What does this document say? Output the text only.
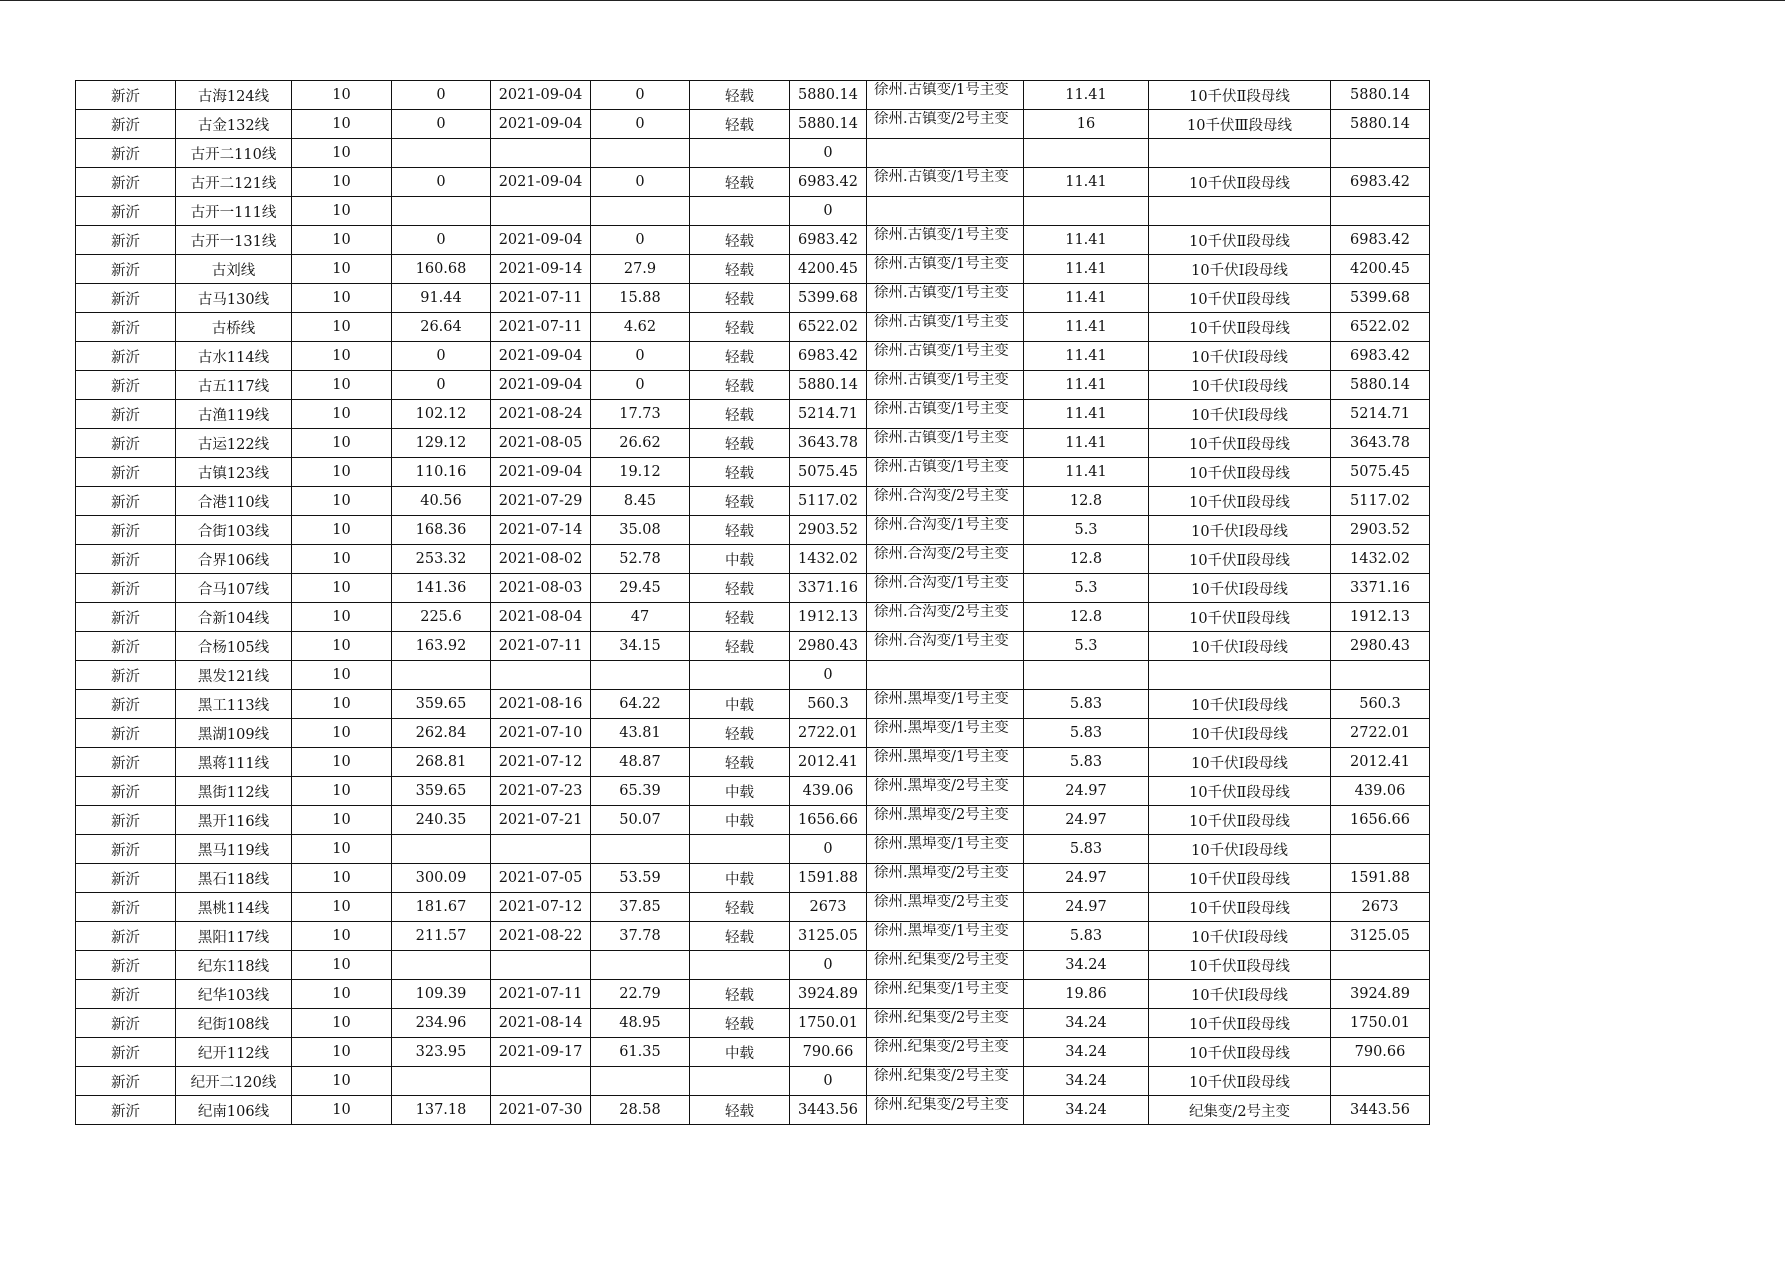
新沂	古海124线	10	0	2021-09-04	0	轻载	5880.14	徐州.古镇变/1号主变	11.41	10千伏Ⅱ段母线	5880.14
新沂	古金132线	10	0	2021-09-04	0	轻载	5880.14	徐州.古镇变/2号主变	16	10千伏Ⅲ段母线	5880.14
新沂	古开二110线	10					0	

新沂	古开二121线	10	0	2021-09-04	0	轻载	6983.42	徐州.古镇变/1号主变	11.41	10千伏Ⅱ段母线	6983.42
新沂	古开一111线	10					0	

新沂	古开一131线	10	0	2021-09-04	0	轻载	6983.42	徐州.古镇变/1号主变	11.41	10千伏Ⅱ段母线	6983.42
新沂	古刘线	10	160.68	2021-09-14	27.9	轻载	4200.45	徐州.古镇变/1号主变	11.41	10千伏Ⅰ段母线	4200.45
新沂	古马130线	10	91.44	2021-07-11	15.88	轻载	5399.68	徐州.古镇变/1号主变	11.41	10千伏Ⅱ段母线	5399.68
新沂	古桥线	10	26.64	2021-07-11	4.62	轻载	6522.02	徐州.古镇变/1号主变	11.41	10千伏Ⅱ段母线	6522.02
新沂	古水114线	10	0	2021-09-04	0	轻载	6983.42	徐州.古镇变/1号主变	11.41	10千伏Ⅰ段母线	6983.42
新沂	古五117线	10	0	2021-09-04	0	轻载	5880.14	徐州.古镇变/1号主变	11.41	10千伏Ⅰ段母线	5880.14
新沂	古渔119线	10	102.12	2021-08-24	17.73	轻载	5214.71	徐州.古镇变/1号主变	11.41	10千伏Ⅰ段母线	5214.71
新沂	古运122线	10	129.12	2021-08-05	26.62	轻载	3643.78	徐州.古镇变/1号主变	11.41	10千伏Ⅱ段母线	3643.78
新沂	古镇123线	10	110.16	2021-09-04	19.12	轻载	5075.45	徐州.古镇变/1号主变	11.41	10千伏Ⅱ段母线	5075.45
新沂	合港110线	10	40.56	2021-07-29	8.45	轻载	5117.02	徐州.合沟变/2号主变	12.8	10千伏Ⅱ段母线	5117.02
新沂	合街103线	10	168.36	2021-07-14	35.08	轻载	2903.52	徐州.合沟变/1号主变	5.3	10千伏Ⅰ段母线	2903.52
新沂	合界106线	10	253.32	2021-08-02	52.78	中载	1432.02	徐州.合沟变/2号主变	12.8	10千伏Ⅱ段母线	1432.02
新沂	合马107线	10	141.36	2021-08-03	29.45	轻载	3371.16	徐州.合沟变/1号主变	5.3	10千伏Ⅰ段母线	3371.16
新沂	合新104线	10	225.6	2021-08-04	47	轻载	1912.13	徐州.合沟变/2号主变	12.8	10千伏Ⅱ段母线	1912.13
新沂	合杨105线	10	163.92	2021-07-11	34.15	轻载	2980.43	徐州.合沟变/1号主变	5.3	10千伏Ⅰ段母线	2980.43
新沂	黑发121线	10					0	

新沂	黑工113线	10	359.65	2021-08-16	64.22	中载	560.3	徐州.黑埠变/1号主变	5.83	10千伏Ⅰ段母线	560.3
新沂	黑湖109线	10	262.84	2021-07-10	43.81	轻载	2722.01	徐州.黑埠变/1号主变	5.83	10千伏Ⅰ段母线	2722.01
新沂	黑蒋111线	10	268.81	2021-07-12	48.87	轻载	2012.41	徐州.黑埠变/1号主变	5.83	10千伏Ⅰ段母线	2012.41
新沂	黑街112线	10	359.65	2021-07-23	65.39	中载	439.06	徐州.黑埠变/2号主变	24.97	10千伏Ⅱ段母线	439.06
新沂	黑开116线	10	240.35	2021-07-21	50.07	中载	1656.66	徐州.黑埠变/2号主变	24.97	10千伏Ⅱ段母线	1656.66
新沂	黑马119线	10					0	徐州.黑埠变/1号主变	5.83	10千伏Ⅰ段母线	
新沂	黑石118线	10	300.09	2021-07-05	53.59	中载	1591.88	徐州.黑埠变/2号主变	24.97	10千伏Ⅱ段母线	1591.88
新沂	黑桃114线	10	181.67	2021-07-12	37.85	轻载	2673	徐州.黑埠变/2号主变	24.97	10千伏Ⅱ段母线	2673
新沂	黑阳117线	10	211.57	2021-08-22	37.78	轻载	3125.05	徐州.黑埠变/1号主变	5.83	10千伏Ⅰ段母线	3125.05
新沂	纪东118线	10					0	徐州.纪集变/2号主变	34.24	10千伏Ⅱ段母线	
新沂	纪华103线	10	109.39	2021-07-11	22.79	轻载	3924.89	徐州.纪集变/1号主变	19.86	10千伏Ⅰ段母线	3924.89
新沂	纪街108线	10	234.96	2021-08-14	48.95	轻载	1750.01	徐州.纪集变/2号主变	34.24	10千伏Ⅱ段母线	1750.01
新沂	纪开112线	10	323.95	2021-09-17	61.35	中载	790.66	徐州.纪集变/2号主变	34.24	10千伏Ⅱ段母线	790.66
新沂	纪开二120线	10					0	徐州.纪集变/2号主变	34.24	10千伏Ⅱ段母线	
新沂	纪南106线	10	137.18	2021-07-30	28.58	轻载	3443.56	徐州.纪集变/2号主变	34.24	纪集变/2号主变	3443.56
